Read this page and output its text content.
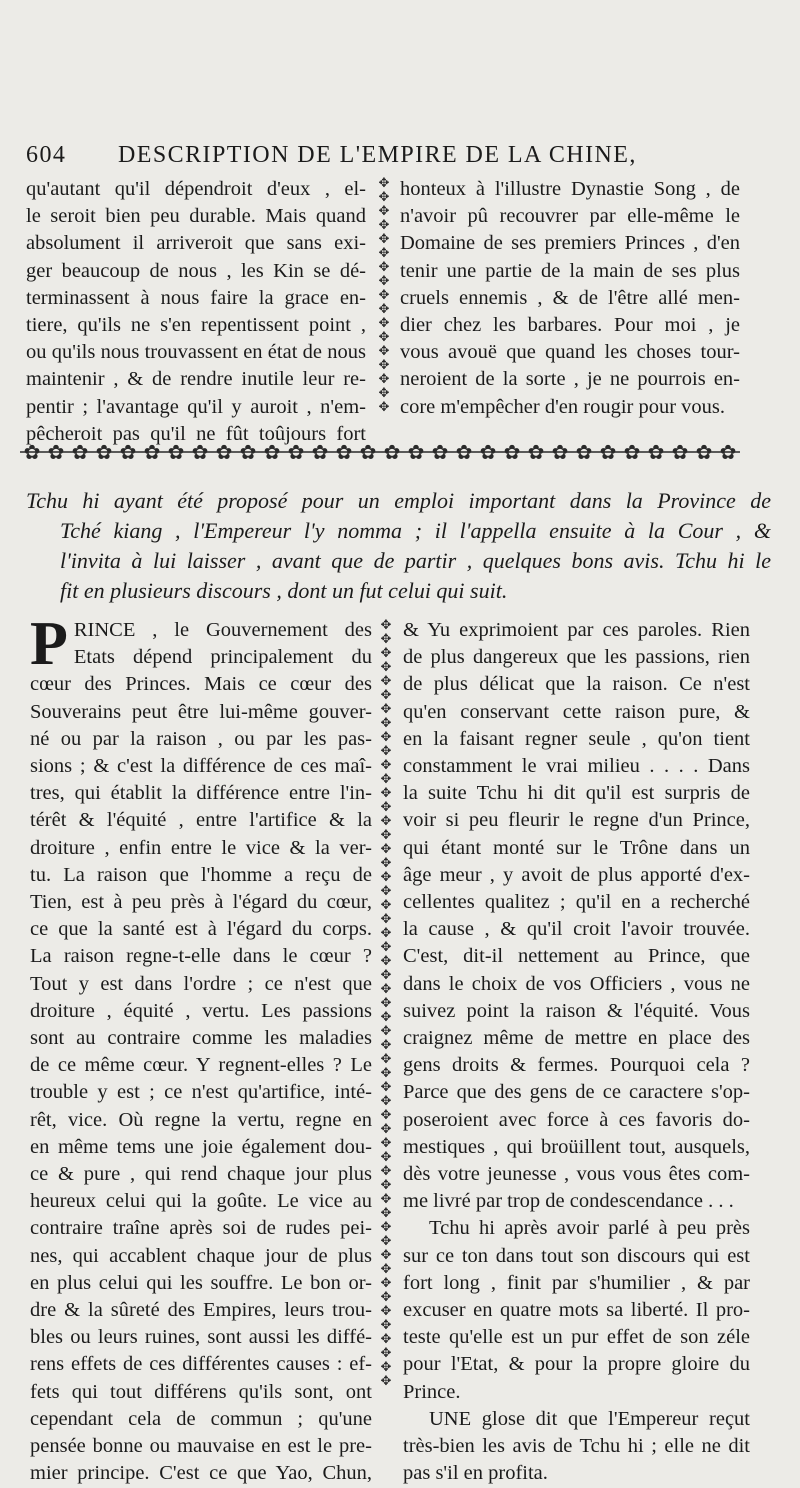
604 DESCRIPTION DE L'EMPIRE DE LA CHINE,
qu'autant qu'il dépendroit d'eux , el-
le seroit bien peu durable. Mais quand
absolument il arriveroit que sans exi-
ger beaucoup de nous , les Kin se dé-
terminassent à nous faire la grace en-
tiere, qu'ils ne s'en repentissent point ,
ou qu'ils nous trouvassent en état de nous
maintenir , & de rendre inutile leur re-
pentir ; l'avantage qu'il y auroit , n'em-
pêcheroit pas qu'il ne fût toûjours fort
✥
✥
✥
✥
✥
✥
✥
✥
✥
✥
✥
✥
✥
✥
✥
✥
✥

honteux à l'illustre Dynastie Song , de
n'avoir pû recouvrer par elle-même le
Domaine de ses premiers Princes , d'en
tenir une partie de la main de ses plus
cruels ennemis , & de l'être allé men-
dier chez les barbares. Pour moi , je
vous avouë que quand les choses tour-
neroient de la sorte , je ne pourrois en-
core m'empêcher d'en rougir pour vous.
✿ ✿ ✿ ✿ ✿ ✿ ✿ ✿ ✿ ✿ ✿ ✿ ✿ ✿ ✿ ✿ ✿ ✿ ✿ ✿ ✿ ✿ ✿ ✿ ✿ ✿ ✿ ✿ ✿ ✿
Tchu hi ayant été proposé pour un emploi important dans la Province de
Tché kiang , l'Empereur l'y nomma ; il l'appella ensuite à la Cour , &
l'invita à lui laisser , avant que de partir , quelques bons avis. Tchu hi le
fit en plusieurs discours , dont un fut celui qui suit.
P RINCE , le Gouvernement des
Etats dépend principalement du
cœur des Princes. Mais ce cœur des
Souverains peut être lui-même gouver-
né ou par la raison , ou par les pas-
sions ; & c'est la différence de ces maî-
tres, qui établit la différence entre l'in-
térêt & l'équité , entre l'artifice & la
droiture , enfin entre le vice & la ver-
tu. La raison que l'homme a reçu de
Tien, est à peu près à l'égard du cœur,
ce que la santé est à l'égard du corps.
La raison regne-t-elle dans le cœur ?
Tout y est dans l'ordre ; ce n'est que
droiture , équité , vertu. Les passions
sont au contraire comme les maladies
de ce même cœur. Y regnent-elles ? Le
trouble y est ; ce n'est qu'artifice, inté-
rêt, vice. Où regne la vertu, regne en
en même tems une joie également dou-
ce & pure , qui rend chaque jour plus
heureux celui qui la goûte. Le vice au
contraire traîne après soi de rudes pei-
nes, qui accablent chaque jour de plus
en plus celui qui les souffre. Le bon or-
dre & la sûreté des Empires, leurs trou-
bles ou leurs ruines, sont aussi les diffé-
rens effets de ces différentes causes : ef-
fets qui tout différens qu'ils sont, ont
cependant cela de commun ; qu'une
pensée bonne ou mauvaise en est le pre-
mier principe. C'est ce que Yao, Chun,
✥
✥
✥
✥
✥
✥
✥
✥
✥
✥
✥
✥
✥
✥
✥
✥
✥
✥
✥
✥
✥
✥
✥
✥
✥
✥
✥
✥
✥
✥
✥
✥
✥
✥
✥
✥
✥
✥
✥
✥
✥
✥
✥
✥
✥
✥
✥
✥
✥
✥
✥
✥
✥
✥
✥

& Yu exprimoient par ces paroles. Rien
de plus dangereux que les passions, rien
de plus délicat que la raison. Ce n'est
qu'en conservant cette raison pure, &
en la faisant regner seule , qu'on tient
constamment le vrai milieu . . . . Dans
la suite Tchu hi dit qu'il est surpris de
voir si peu fleurir le regne d'un Prince,
qui étant monté sur le Trône dans un
âge meur , y avoit de plus apporté d'ex-
cellentes qualitez ; qu'il en a recherché
la cause , & qu'il croit l'avoir trouvée.
C'est, dit-il nettement au Prince, que
dans le choix de vos Officiers , vous ne
suivez point la raison & l'équité. Vous
craignez même de mettre en place des
gens droits & fermes. Pourquoi cela ?
Parce que des gens de ce caractere s'op-
poseroient avec force à ces favoris do-
mestiques , qui broüillent tout, ausquels,
dès votre jeunesse , vous vous êtes com-
me livré par trop de condescendance . . .
Tchu hi après avoir parlé à peu près
sur ce ton dans tout son discours qui est
fort long , finit par s'humilier , & par
excuser en quatre mots sa liberté. Il pro-
teste qu'elle est un pur effet de son zéle
pour l'Etat, & pour la propre gloire du
Prince.
UNE glose dit que l'Empereur reçut
très-bien les avis de Tchu hi ; elle ne dit
pas s'il en profita.
